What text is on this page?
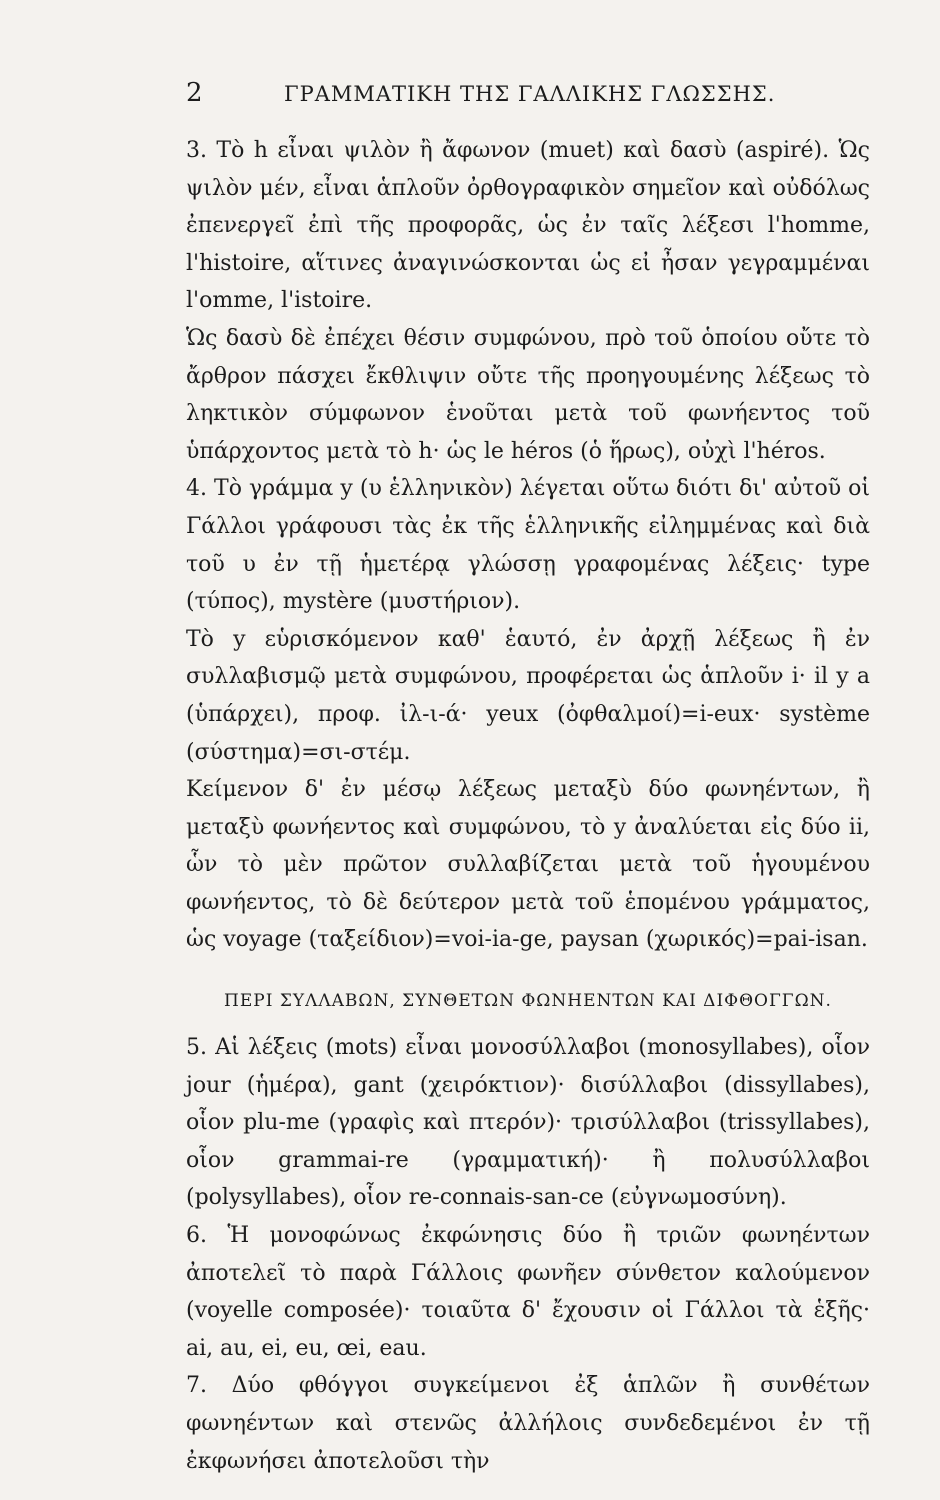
2	ΓΡΑΜΜΑΤΙΚΗ ΤΗΣ ΓΑΛΛΙΚΗΣ ΓΛΩΣΣΗΣ.

3. Τὸ h εἶναι ψιλὸν ἢ ἄφωνον (muet) καὶ δασὺ (aspiré). Ὡς ψιλὸν μέν, εἶναι ἁπλοῦν ὀρθογραφικὸν σημεῖον καὶ οὐδόλως ἐπενεργεῖ ἐπὶ τῆς προφορᾶς, ὡς ἐν ταῖς λέξεσι l'homme, l'histoire, αἵτινες ἀναγινώσκονται ὡς εἰ ἦσαν γεγραμμέναι l'omme, l'istoire.

Ὡς δασὺ δὲ ἐπέχει θέσιν συμφώνου, πρὸ τοῦ ὁποίου οὔτε τὸ ἄρθρον πάσχει ἔκθλιψιν οὔτε τῆς προηγουμένης λέξεως τὸ ληκτικὸν σύμφωνον ἑνοῦται μετὰ τοῦ φωνήεντος τοῦ ὑπάρχοντος μετὰ τὸ h· ὡς le héros (ὁ ἥρως), οὐχὶ l'héros.

4. Τὸ γράμμα y (υ ἑλληνικὸν) λέγεται οὕτω διότι δι' αὐτοῦ οἱ Γάλλοι γράφουσι τὰς ἐκ τῆς ἑλληνικῆς εἰλημμένας καὶ διὰ τοῦ υ ἐν τῇ ἡμετέρᾳ γλώσσῃ γραφομένας λέξεις· type (τύπος), mystère (μυστήριον).

Τὸ y εὑρισκόμενον καθ' ἑαυτό, ἐν ἀρχῇ λέξεως ἢ ἐν συλλαβισμῷ μετὰ συμφώνου, προφέρεται ὡς ἁπλοῦν i· il y a (ὑπάρχει), προφ. ἰλ-ι-ά· yeux (ὀφθαλμοί)=i-eux· système (σύστημα)=σι-στέμ.

Κείμενον δ' ἐν μέσῳ λέξεως μεταξὺ δύο φωνηέντων, ἢ μεταξὺ φωνήεντος καὶ συμφώνου, τὸ y ἀναλύεται εἰς δύο ii, ὧν τὸ μὲν πρῶτον συλλαβίζεται μετὰ τοῦ ἡγουμένου φωνήεντος, τὸ δὲ δεύτερον μετὰ τοῦ ἑπομένου γράμματος, ὡς voyage (ταξείδιον)=voi-ia-ge, paysan (χωρικός)=pai-isan.

ΠΕΡΙ ΣΥΛΛΑΒΩΝ, ΣΥΝΘΕΤΩΝ ΦΩΝΗΕΝΤΩΝ ΚΑΙ ΔΙΦΘΟΓΓΩΝ.

5. Αἱ λέξεις (mots) εἶναι μονοσύλλαβοι (monosyllabes), οἷον jour (ἡμέρα), gant (χειρόκτιον)· δισύλλαβοι (dissyllabes), οἷον plu-me (γραφὶς καὶ πτερόν)· τρισύλλαβοι (trissyllabes), οἷον grammai-re (γραμματική)· ἢ πολυσύλλαβοι (polysyllabes), οἷον re-connais-san-ce (εὐγνωμοσύνη).

6. Ἡ μονοφώνως ἐκφώνησις δύο ἢ τριῶν φωνηέντων ἀποτελεῖ τὸ παρὰ Γάλλοις φωνῆεν σύνθετον καλούμενον (voyelle composée)· τοιαῦτα δ' ἔχουσιν οἱ Γάλλοι τὰ ἑξῆς· ai, au, ei, eu, œi, eau.

7. Δύο φθόγγοι συγκείμενοι ἐξ ἁπλῶν ἢ συνθέτων φωνηέντων καὶ στενῶς ἀλλήλοις συνδεδεμένοι ἐν τῇ ἐκφωνήσει ἀποτελοῦσι τὴν
